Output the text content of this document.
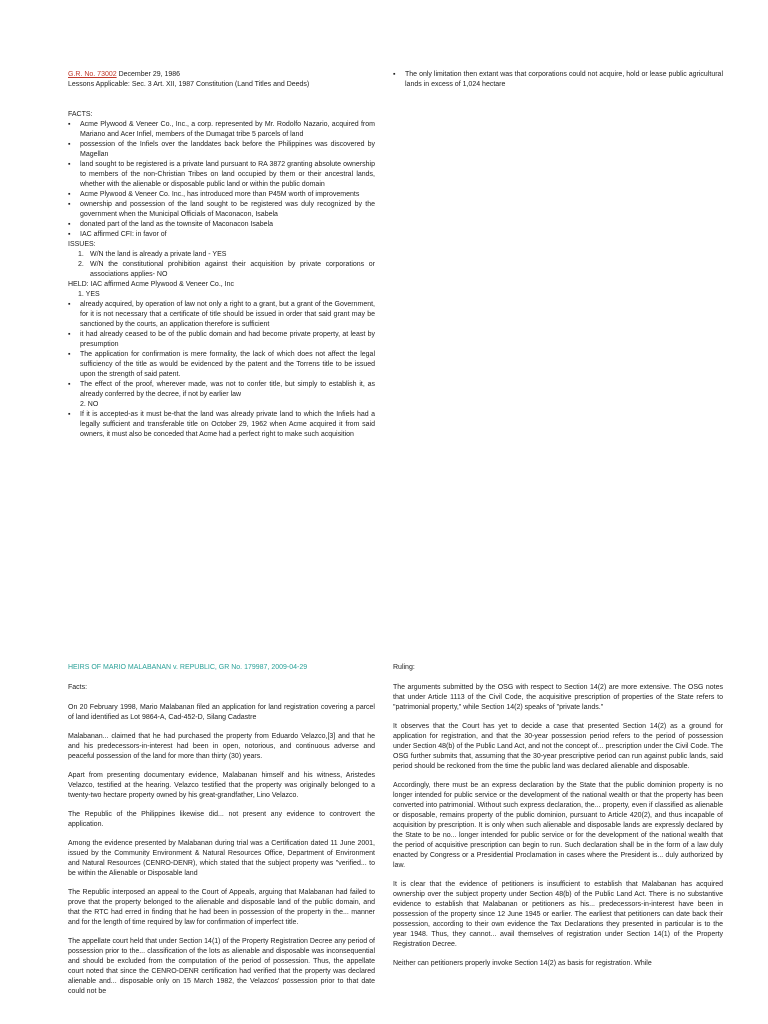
G.R. No. 73002 December 29, 1986
Lessons Applicable: Sec. 3 Art. XII, 1987 Constitution (Land Titles and Deeds)
FACTS:
▪ Acme Plywood & Veneer Co., Inc., a corp. represented by Mr. Rodolfo Nazario, acquired from Mariano and Acer Infiel, members of the Dumagat tribe 5 parcels of land
▪ possession of the Infiels over the landdates back before the Philippines was discovered by Magellan
▪ land sought to be registered is a private land pursuant to RA 3872 granting absolute ownership to members of the non-Christian Tribes on land occupied by them or their ancestral lands, whether with the alienable or disposable public land or within the public domain
▪ Acme Plywood & Veneer Co. Inc., has introduced more than P45M worth of improvements
▪ ownership and possession of the land sought to be registered was duly recognized by the government when the Municipal Officials of Maconacon, Isabela
▪ donated part of the land as the townsite of Maconacon Isabela
▪ IAC affirmed CFI: in favor of
ISSUES:
1. W/N the land is already a private land - YES
2. W/N the constitutional prohibition against their acquisition by private corporations or associations applies- NO
HELD: IAC affirmed Acme Plywood & Veneer Co., Inc
1. YES
▪ already acquired, by operation of law not only a right to a grant, but a grant of the Government, for it is not necessary that a certificate of title should be issued in order that said grant may be sanctioned by the courts, an application therefore is sufficient
▪ it had already ceased to be of the public domain and had become private property, at least by presumption
▪ The application for confirmation is mere formality, the lack of which does not affect the legal sufficiency of the title as would be evidenced by the patent and the Torrens title to be issued upon the strength of said patent.
▪ The effect of the proof, wherever made, was not to confer title, but simply to establish it, as already conferred by the decree, if not by earlier law
2. NO
▪ If it is accepted-as it must be-that the land was already private land to which the Infiels had a legally sufficient and transferable title on October 29, 1962 when Acme acquired it from said owners, it must also be conceded that Acme had a perfect right to make such acquisition
▪ The only limitation then extant was that corporations could not acquire, hold or lease public agricultural lands in excess of 1,024 hectare
HEIRS OF MARIO MALABANAN v. REPUBLIC, GR No. 179987, 2009-04-29
Facts:

On 20 February 1998, Mario Malabanan filed an application for land registration covering a parcel of land identified as Lot 9864-A, Cad-452-D, Silang Cadastre

Malabanan... claimed that he had purchased the property from Eduardo Velazco,[3] and that he and his predecessors-in-interest had been in open, notorious, and continuous adverse and peaceful possession of the land for more than thirty (30) years.

Apart from presenting documentary evidence, Malabanan himself and his witness, Aristedes Velazco, testified at the hearing. Velazco testified that the property was originally belonged to a twenty-two hectare property owned by his great-grandfather, Lino Velazco.

The Republic of the Philippines likewise did... not present any evidence to controvert the application.

Among the evidence presented by Malabanan during trial was a Certification dated 11 June 2001, issued by the Community Environment & Natural Resources Office, Department of Environment and Natural Resources (CENRO-DENR), which stated that the subject property was "verified... to be within the Alienable or Disposable land

The Republic interposed an appeal to the Court of Appeals, arguing that Malabanan had failed to prove that the property belonged to the alienable and disposable land of the public domain, and that the RTC had erred in finding that he had been in possession of the property in the... manner and for the length of time required by law for confirmation of imperfect title.

The appellate court held that under Section 14(1) of the Property Registration Decree any period of possession prior to the... classification of the lots as alienable and disposable was inconsequential and should be excluded from the computation of the period of possession. Thus, the appellate court noted that since the CENRO-DENR certification had verified that the property was declared alienable and... disposable only on 15 March 1982, the Velazcos' possession prior to that date could not be

Ruling:

The arguments submitted by the OSG with respect to Section 14(2) are more extensive. The OSG notes that under Article 1113 of the Civil Code, the acquisitive prescription of properties of the State refers to "patrimonial property," while Section 14(2) speaks of "private lands."

It observes that the Court has yet to decide a case that presented Section 14(2) as a ground for application for registration, and that the 30-year possession period refers to the period of possession under Section 48(b) of the Public Land Act, and not the concept of... prescription under the Civil Code. The OSG further submits that, assuming that the 30-year prescriptive period can run against public lands, said period should be reckoned from the time the public land was declared alienable and disposable.

Accordingly, there must be an express declaration by the State that the public dominion property is no longer intended for public service or the development of the national wealth or that the property has been converted into patrimonial. Without such express declaration, the... property, even if classified as alienable or disposable, remains property of the public dominion, pursuant to Article 420(2), and thus incapable of acquisition by prescription. It is only when such alienable and disposable lands are expressly declared by the State to be no... longer intended for public service or for the development of the national wealth that the period of acquisitive prescription can begin to run. Such declaration shall be in the form of a law duly enacted by Congress or a Presidential Proclamation in cases where the President is... duly authorized by law.

It is clear that the evidence of petitioners is insufficient to establish that Malabanan has acquired ownership over the subject property under Section 48(b) of the Public Land Act. There is no substantive evidence to establish that Malabanan or petitioners as his... predecessors-in-interest have been in possession of the property since 12 June 1945 or earlier. The earliest that petitioners can date back their possession, according to their own evidence the Tax Declarations they presented in particular is to the year 1948. Thus, they cannot... avail themselves of registration under Section 14(1) of the Property Registration Decree.

Neither can petitioners properly invoke Section 14(2) as basis for registration. While
